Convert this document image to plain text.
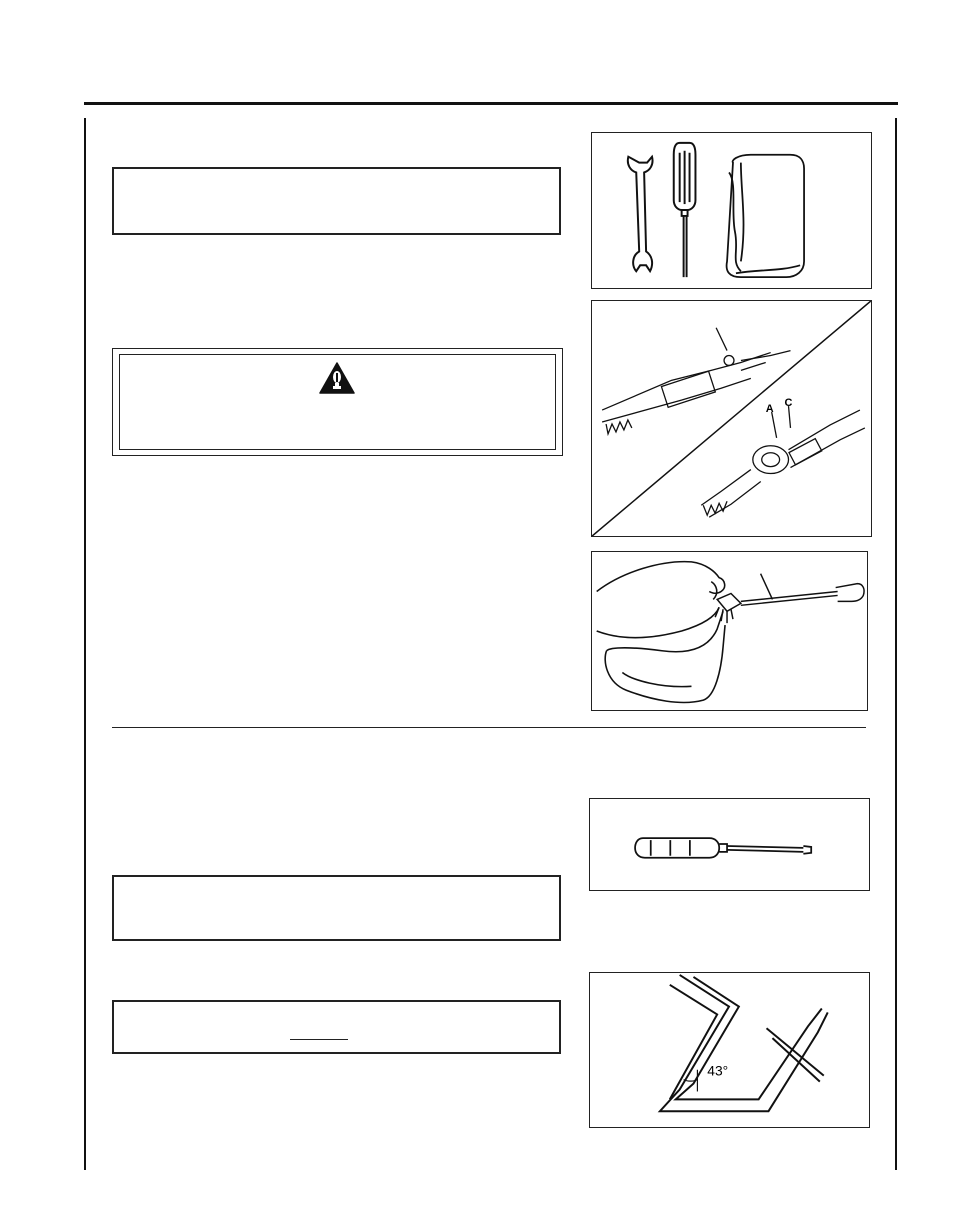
A C
43°
